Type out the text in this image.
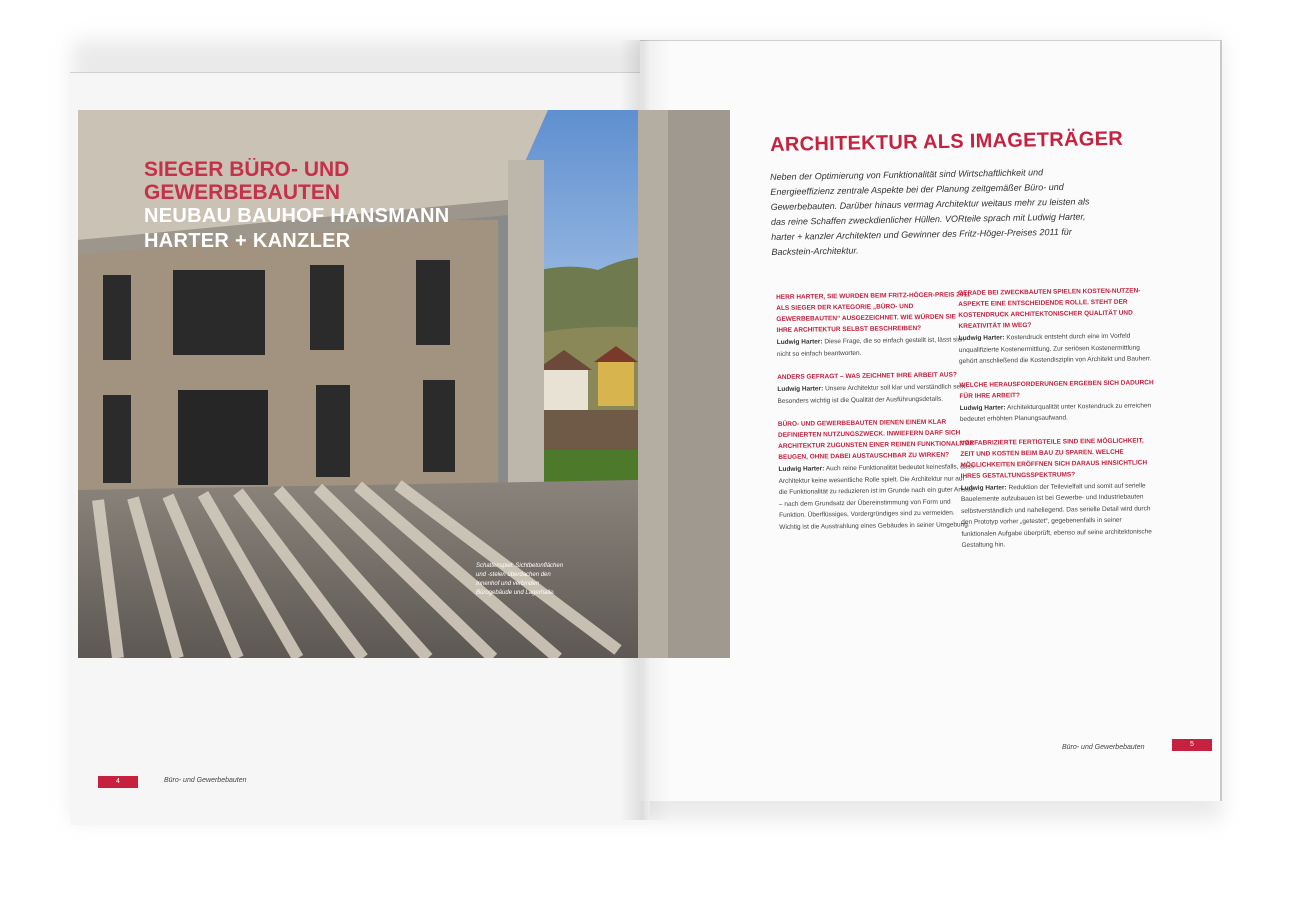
SIEGER BÜRO- UND GEWERBEBAUTEN
NEUBAU BAUHOF HANSMANN
HARTER + KANZLER
Schattenspiel: Sichtbetonflächen und -stelen überdachen den Innenhof und verbinden Bürogebäude und Lagerhalle.
4	Büro- und Gewerbebauten
ARCHITEKTUR ALS IMAGETRÄGER
Neben der Optimierung von Funktionalität sind Wirtschaftlichkeit und Energieeffizienz zentrale Aspekte bei der Planung zeitgemäßer Büro- und Gewerbebauten. Darüber hinaus vermag Architektur weitaus mehr zu leisten als das reine Schaffen zweckdienlicher Hüllen. VORteile sprach mit Ludwig Harter, harter + kanzler Architekten und Gewinner des Fritz-Höger-Preises 2011 für Backstein-Architektur.
HERR HARTER, SIE WURDEN BEIM FRITZ-HÖGER-PREIS 2011 ALS SIEGER DER KATEGORIE „BÜRO- UND GEWERBEBAUTEN“ AUSGEZEICHNET. WIE WÜRDEN SIE IHRE ARCHITEKTUR SELBST BESCHREIBEN?
Ludwig Harter: Diese Frage, die so einfach gestellt ist, lässt sich nicht so einfach beantworten.
ANDERS GEFRAGT – WAS ZEICHNET IHRE ARBEIT AUS?
Ludwig Harter: Unsere Architektur soll klar und verständlich sein. Besonders wichtig ist die Qualität der Ausführungsdetails.
BÜRO- UND GEWERBEBAUTEN DIENEN EINEM KLAR DEFINIERTEN NUTZUNGSZWECK. INWIEFERN DARF SICH ARCHITEKTUR ZUGUNSTEN EINER REINEN FUNKTIONALITÄT BEUGEN, OHNE DABEI AUSTAUSCHBAR ZU WIRKEN?
Ludwig Harter: Auch reine Funktionalität bedeutet keinesfalls, dass Architektur keine wesentliche Rolle spielt. Die Architektur nur auf die Funktionalität zu reduzieren ist im Grunde nach ein guter Ansatz – nach dem Grundsatz der Übereinstimmung von Form und Funktion. Überflüssiges, Vordergründiges sind zu vermeiden. Wichtig ist die Ausstrahlung eines Gebäudes in seiner Umgebung.
GERADE BEI ZWECKBAUTEN SPIELEN KOSTEN-NUTZEN-ASPEKTE EINE ENTSCHEIDENDE ROLLE. STEHT DER KOSTENDRUCK ARCHITEKTONISCHER QUALITÄT UND KREATIVITÄT IM WEG?
Ludwig Harter: Kostendruck entsteht durch eine im Vorfeld unqualifizierte Kostenermittlung. Zur seriösen Kostenermittlung gehört anschließend die Kostendisziplin von Architekt und Bauherr.
WELCHE HERAUSFORDERUNGEN ERGEBEN SICH DADURCH FÜR IHRE ARBEIT?
Ludwig Harter: Architekturqualität unter Kostendruck zu erreichen bedeutet erhöhten Planungsaufwand.
VORFABRIZIERTE FERTIGTEILE SIND EINE MÖGLICHKEIT, ZEIT UND KOSTEN BEIM BAU ZU SPAREN. WELCHE MÖGLICHKEITEN ERÖFFNEN SICH DARAUS HINSICHTLICH IHRES GESTALTUNGSSPEKTRUMS?
Ludwig Harter: Reduktion der Teilevielfalt und somit auf serielle Bauelemente aufzubauen ist bei Gewerbe- und Industriebauten selbstverständlich und naheliegend. Das serielle Detail wird durch den Prototyp vorher „getestet“, gegebenenfalls in seiner funktionalen Aufgabe überprüft, ebenso auf seine architektonische Gestaltung hin.
Büro- und Gewerbebauten	5
